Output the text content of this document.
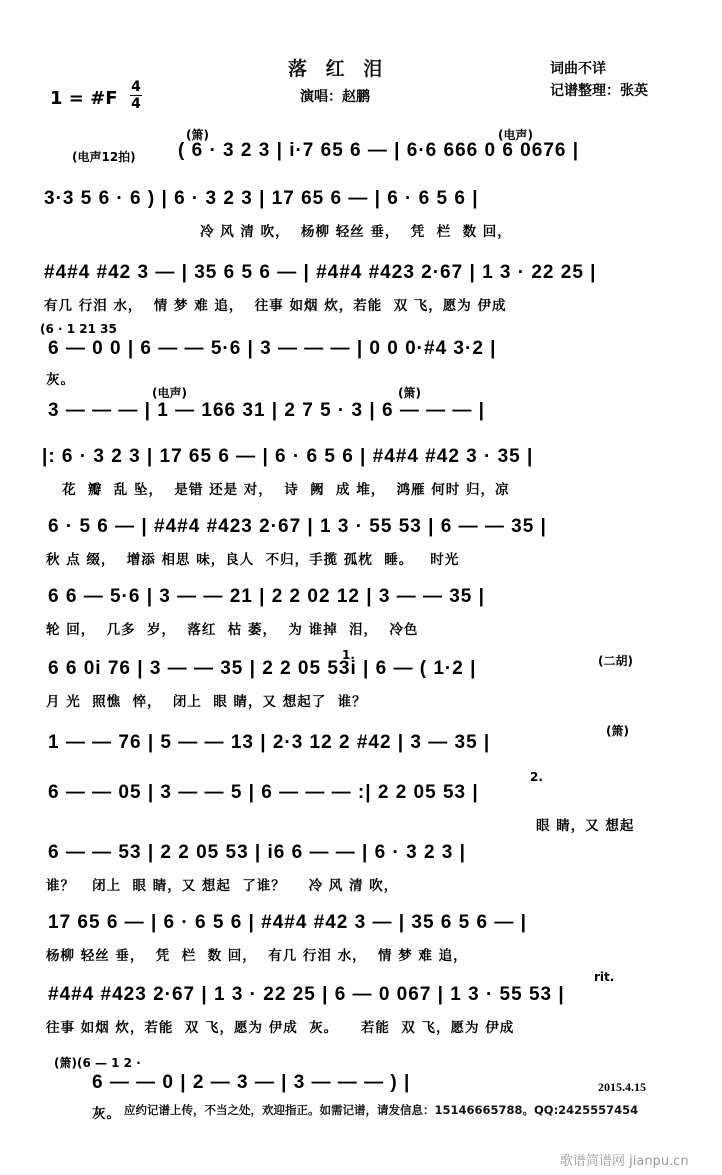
落 红 泪
演唱：赵鹏
词曲不详
记谱整理：张英
1 = #F
4
4
(电声12拍)
(箫)	(电声)
( 6 · 3 2 3 | i·7 65 6 — | 6·6 666 0 6 0676 |
3·3 5 6 · 6 ) | 6 · 3 2 3 | 17 65 6 — | 6 · 6 5 6 |
冷 风 清 吹，  杨柳 轻丝 垂，  凭  栏  数 回，
#4#4 #42 3 — | 35 6 5 6 — | #4#4 #423 2·67 | 1 3 · 22 25 |
有几 行泪 水，  情 梦 难 追，  往事 如烟 炊，若能  双 飞，愿为 伊成
(6 · 1 21 35
6 — 0 0 | 6 — — 5·6 | 3 — — — | 0 0 0·#4 3·2 |
灰。
(电声)	(箫)
3 — — — | 1 — 166 31 | 2 7 5 · 3 | 6 — — — |
|: 6 · 3 2 3 | 17 65 6 — | 6 · 6 5 6 | #4#4 #42 3 · 35 |
花  瓣  乱 坠，  是错 还是 对，  诗  阙  成 堆，  鸿雁 何时 归，凉
6 · 5 6 — | #4#4 #423 2·67 | 1 3 · 55 53 | 6 — — 35 |
秋 点 缀，  增添 相思 味，良人  不归，手揽 孤枕  睡。   时光
6 6 — 5·6 | 3 — — 21 | 2 2 02 12 | 3 — — 35 |
轮 回，  几多  岁，  落红  枯 萎，  为 谁掉  泪，  冷色
1.	(二胡)
6 6 0i 76 | 3 — — 35 | 2 2 05 53i | 6 — ( 1·2 |
月 光  照憔  悴，  闭上  眼 睛，又 想起了  谁？
(箫)
1 — — 76 | 5 — — 13 | 2·3 12 2 #42 | 3 — 35 |
2.
6 — — 05 | 3 — — 5 | 6 — — — :| 2 2 05 53 |
眼 睛，又 想起
6 — — 53 | 2 2 05 53 | i6 6 — — | 6 · 3 2 3 |
谁？   闭上  眼 睛，又 想起  了谁？    冷 风 清 吹，
17 65 6 — | 6 · 6 5 6 | #4#4 #42 3 — | 35 6 5 6 — |
杨柳 轻丝 垂，  凭  栏  数 回，  有几 行泪 水，  情 梦 难 追，
rit.
#4#4 #423 2·67 | 1 3 · 22 25 | 6 — 0 067 | 1 3 · 55 53 |
往事 如烟 炊，若能  双 飞，愿为 伊成  灰。    若能  双 飞，愿为 伊成
(箫)(6 — 1 2 ·
6 — — 0 | 2 — 3 — | 3 — — — ) |
灰。
2015.4.15
应约记谱上传，不当之处，欢迎指正。如需记谱，请发信息：15146665788。QQ:2425557454
歌谱简谱网 jianpu.cn
